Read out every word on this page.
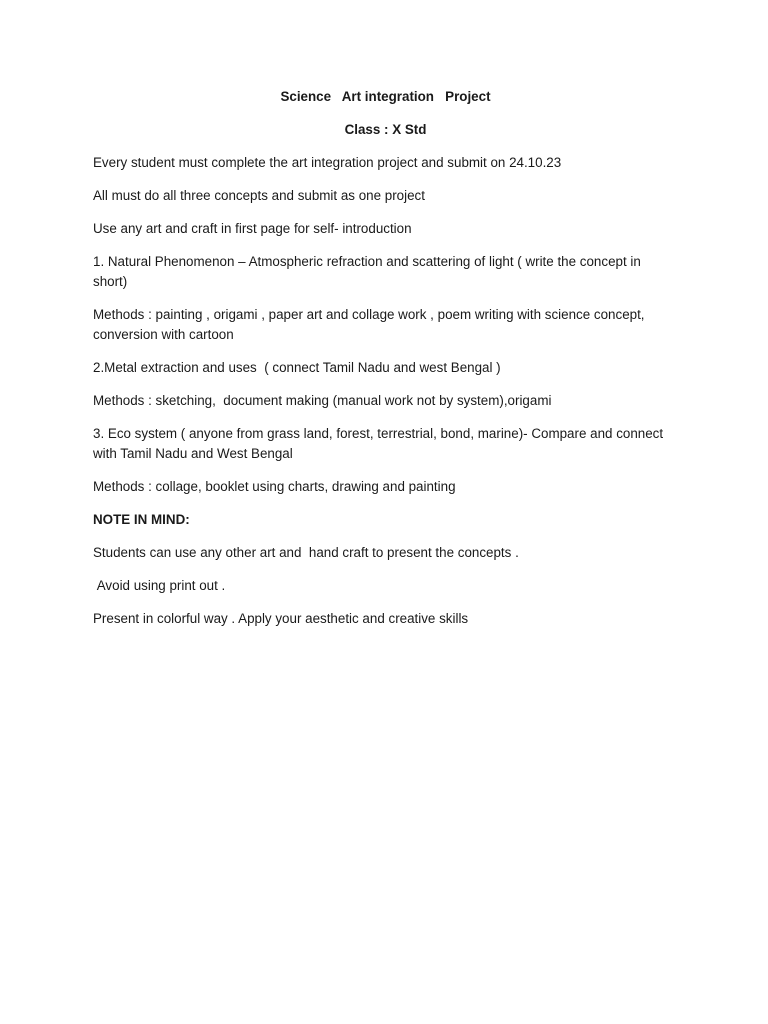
Science   Art integration   Project

Class : X Std

Every student must complete the art integration project and submit on 24.10.23

All must do all three concepts and submit as one project

Use any art and craft in first page for self- introduction

1. Natural Phenomenon – Atmospheric refraction and scattering of light ( write the concept in short)

Methods : painting , origami , paper art and collage work , poem writing with science concept, conversion with cartoon

2.Metal extraction and uses  ( connect Tamil Nadu and west Bengal )

Methods : sketching,  document making (manual work not by system),origami

3. Eco system ( anyone from grass land, forest, terrestrial, bond, marine)- Compare and connect with Tamil Nadu and West Bengal

Methods : collage, booklet using charts, drawing and painting

NOTE IN MIND:

Students can use any other art and  hand craft to present the concepts .

Avoid using print out .

Present in colorful way . Apply your aesthetic and creative skills
